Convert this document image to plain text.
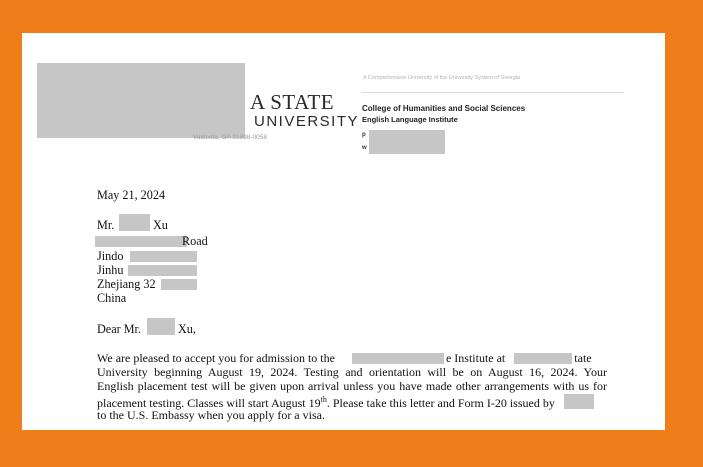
A STATE
UNIVERSITY
Valdosta, GA 31698-0058
A Comprehensive University of the University System of Georgia
College of Humanities and Social Sciences
English Language Institute
p
w
May 21, 2024
Mr.	Xu
Road
Jindo
Jinhu
Zhejiang 32
China
Dear Mr.	Xu,
We are pleased to accept you for admission to the	e Institute at	tate
University beginning August 19, 2024. Testing and orientation will be on August 16, 2024. Your
English placement test will be given upon arrival unless you have made other arrangements with us for
placement testing. Classes will start August 19th. Please take this letter and Form I-20 issued by
to the U.S. Embassy when you apply for a visa.
